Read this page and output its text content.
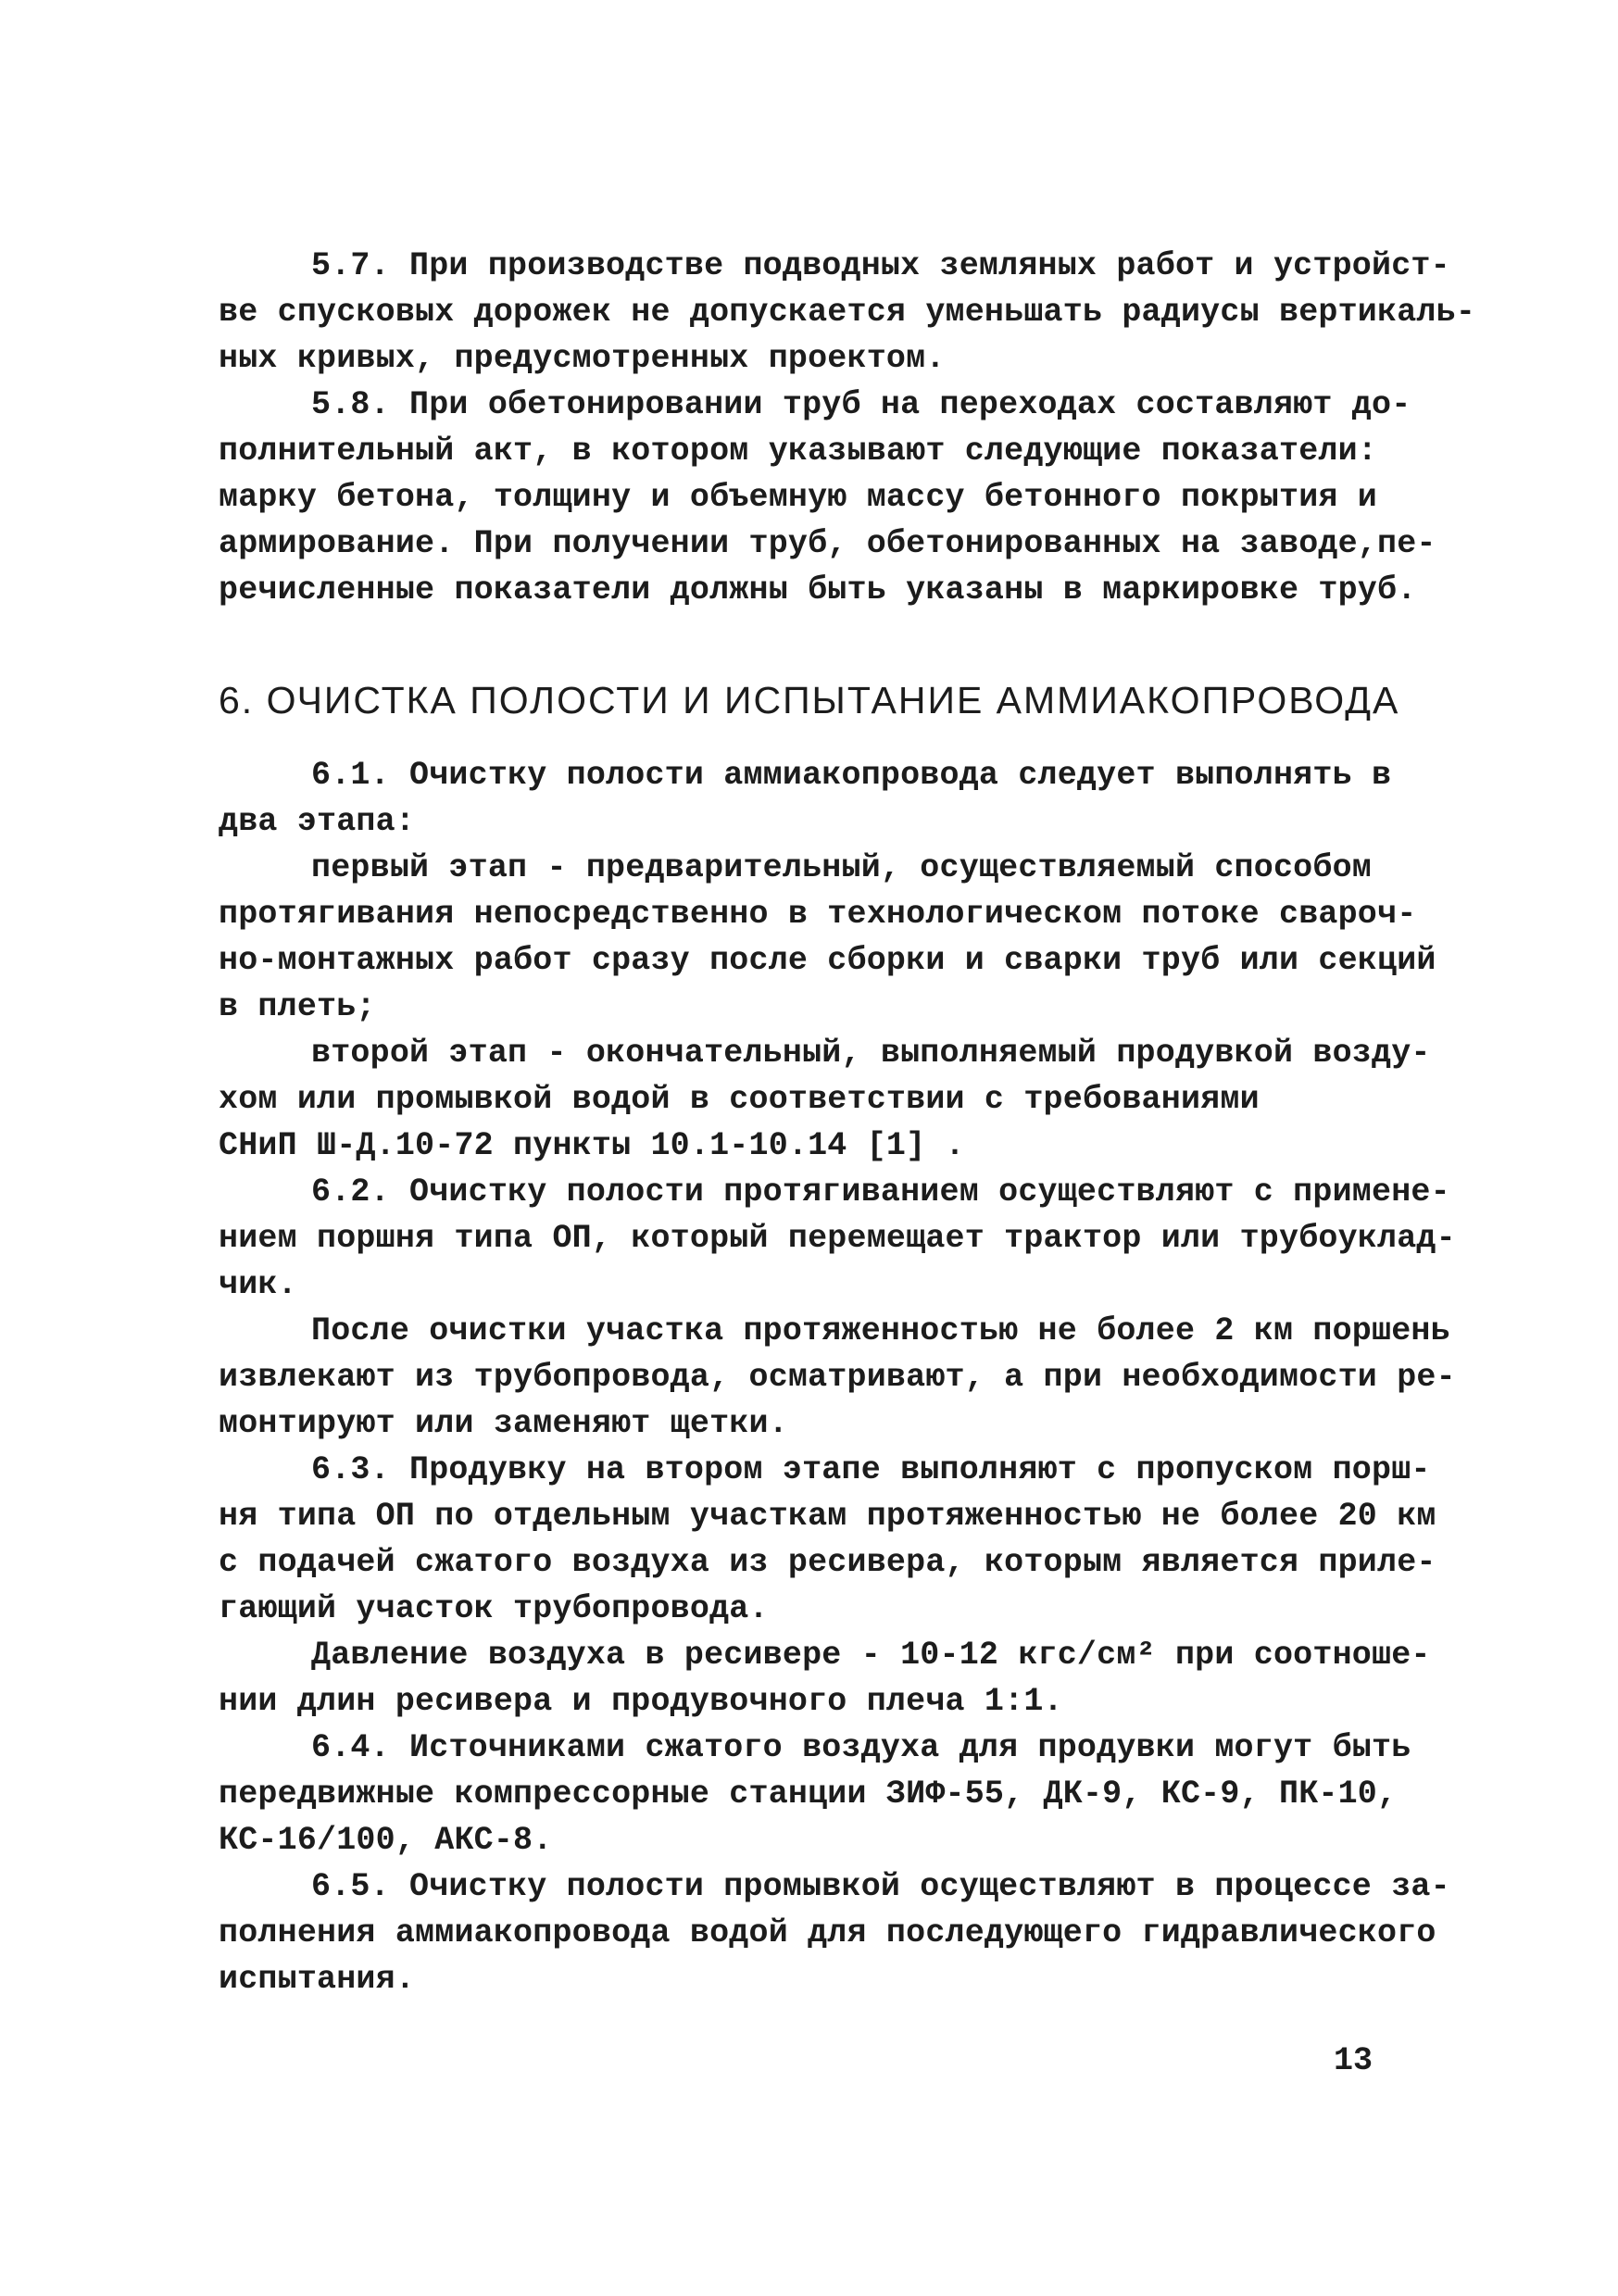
5.7. При производстве подводных земляных работ и устройст-
ве спусковых дорожек не допускается уменьшать радиусы вертикаль-
ных кривых, предусмотренных проектом.

5.8. При обетонировании труб на переходах составляют до-
полнительный акт, в котором указывают следующие показатели:
марку бетона, толщину и объемную массу бетонного покрытия и
армирование. При получении труб, обетонированных на заводе,пе-
речисленные показатели должны быть указаны в маркировке труб.

6. ОЧИСТКА ПОЛОСТИ И ИСПЫТАНИЕ АММИАКОПРОВОДА

6.1. Очистку полости аммиакопровода следует выполнять в
два этапа:

первый этап - предварительный, осуществляемый способом
протягивания непосредственно в технологическом потоке свароч-
но-монтажных работ сразу после сборки и сварки труб или секций
в плеть;

второй этап - окончательный, выполняемый продувкой возду-
хом или промывкой водой в соответствии с требованиями
СНиП Ш-Д.10-72 пункты 10.1-10.14 [1] .

6.2. Очистку полости протягиванием осуществляют с применe-
нием поршня типа ОП, который перемещает трактор или трубоуклад-
чик.

После очистки участка протяженностью не более 2 км поршень
извлекают из трубопровода, осматривают, а при необходимости ре-
монтируют или заменяют щетки.

6.3. Продувку на втором этапе выполняют с пропуском порш-
ня типа ОП по отдельным участкам протяженностью не более 20 км
с подачей сжатого воздуха из ресивера, которым является приле-
гающий участок трубопровода.

Давление воздуха в ресивере - 10-12 кгс/см² при соотноше-
нии длин ресивера и продувочного плеча 1:1.

6.4. Источниками сжатого воздуха для продувки могут быть
передвижные компрессорные станции ЗИФ-55, ДК-9, КС-9, ПК-10,
КС-16/100, АКС-8.

6.5. Очистку полости промывкой осуществляют в процессе за-
полнения аммиакопровода водой для последующего гидравлического
испытания.

13
